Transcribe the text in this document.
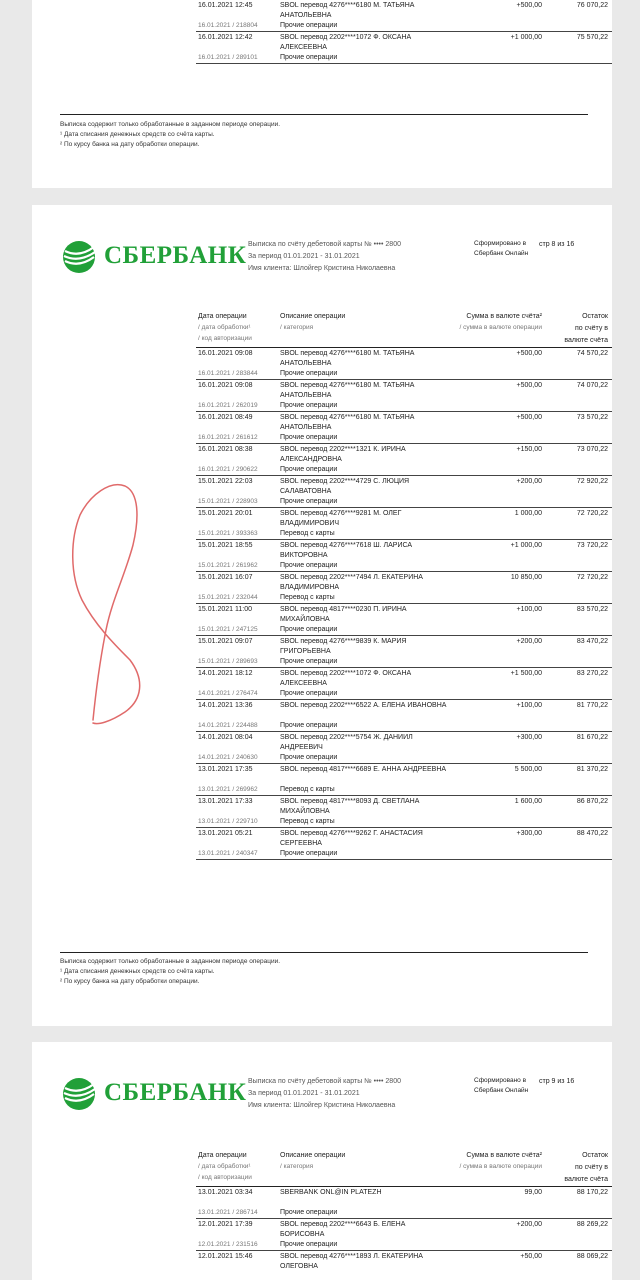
16.01.2021 12:45	SBOL перевод 4276****6180 М. ТАТЬЯНА	+500,00	76 070,22
АНАТОЛЬЕВНА
16.01.2021 / 218804	Прочие операции
16.01.2021 12:42	SBOL перевод 2202****1072 Ф. ОКСАНА	+1 000,00	75 570,22
АЛЕКСЕЕВНА
16.01.2021 / 289101	Прочие операции
Выписка содержит только обработанные в заданном периоде операции.
¹ Дата списания денежных средств со счёта карты.
² По курсу банка на дату обработки операции.
СБЕРБАНК Выписка по счёту дебетовой карты № •••• 2800
За период 01.01.2021 - 31.01.2021
Имя клиента: Шлойгер Кристина Николаевна
Сформировано в
Сбербанк Онлайн
стр 8 из 16
Дата операции
/ дата обработки¹
/ код авторизации
Описание операции
/ категория
Сумма в валюте счёта²
/ сумма в валюте операции
Остаток
по счёту в
валюте счёта
16.01.2021 09:08	SBOL перевод 4276****6180 М. ТАТЬЯНА	+500,00	74 570,22
АНАТОЛЬЕВНА
16.01.2021 / 283844	Прочие операции
16.01.2021 09:08	SBOL перевод 4276****6180 М. ТАТЬЯНА	+500,00	74 070,22
АНАТОЛЬЕВНА
16.01.2021 / 262019	Прочие операции
16.01.2021 08:49	SBOL перевод 4276****6180 М. ТАТЬЯНА	+500,00	73 570,22
АНАТОЛЬЕВНА
16.01.2021 / 261612	Прочие операции
16.01.2021 08:38	SBOL перевод 2202****1321 К. ИРИНА	+150,00	73 070,22
АЛЕКСАНДРОВНА
16.01.2021 / 290622	Прочие операции
15.01.2021 22:03	SBOL перевод 2202****4729 С. ЛЮЦИЯ	+200,00	72 920,22
САЛАВАТОВНА
15.01.2021 / 228903	Прочие операции
15.01.2021 20:01	SBOL перевод 4276****9281 М. ОЛЕГ	1 000,00	72 720,22
ВЛАДИМИРОВИЧ
15.01.2021 / 393363	Перевод с карты
15.01.2021 18:55	SBOL перевод 4276****7618 Ш. ЛАРИСА	+1 000,00	73 720,22
ВИКТОРОВНА
15.01.2021 / 261962	Прочие операции
15.01.2021 16:07	SBOL перевод 2202****7494 Л. ЕКАТЕРИНА	10 850,00	72 720,22
ВЛАДИМИРОВНА
15.01.2021 / 232044	Перевод с карты
15.01.2021 11:00	SBOL перевод 4817****0230 П. ИРИНА	+100,00	83 570,22
МИХАЙЛОВНА
15.01.2021 / 247125	Прочие операции
15.01.2021 09:07	SBOL перевод 4276****9839 К. МАРИЯ	+200,00	83 470,22
ГРИГОРЬЕВНА
15.01.2021 / 289693	Прочие операции
14.01.2021 18:12	SBOL перевод 2202****1072 Ф. ОКСАНА	+1 500,00	83 270,22
АЛЕКСЕЕВНА
14.01.2021 / 276474	Прочие операции
14.01.2021 13:36	SBOL перевод 2202****6522 А. ЕЛЕНА ИВАНОВНА	+100,00	81 770,22
14.01.2021 / 224488	Прочие операции
14.01.2021 08:04	SBOL перевод 2202****5754 Ж. ДАНИИЛ	+300,00	81 670,22
АНДРЕЕВИЧ
14.01.2021 / 240630	Прочие операции
13.01.2021 17:35	SBOL перевод 4817****6689 Е. АННА АНДРЕЕВНА	5 500,00	81 370,22
13.01.2021 / 269962	Перевод с карты
13.01.2021 17:33	SBOL перевод 4817****8093 Д. СВЕТЛАНА	1 600,00	86 870,22
МИХАЙЛОВНА
13.01.2021 / 229710	Перевод с карты
13.01.2021 05:21	SBOL перевод 4276****9262 Г. АНАСТАСИЯ	+300,00	88 470,22
СЕРГЕЕВНА
13.01.2021 / 240347	Прочие операции
Выписка содержит только обработанные в заданном периоде операции.
¹ Дата списания денежных средств со счёта карты.
² По курсу банка на дату обработки операции.
СБЕРБАНК Выписка по счёту дебетовой карты № •••• 2800
За период 01.01.2021 - 31.01.2021
Имя клиента: Шлойгер Кристина Николаевна
Сформировано в
Сбербанк Онлайн
стр 9 из 16
Дата операции
/ дата обработки¹
/ код авторизации
Описание операции
/ категория
Сумма в валюте счёта²
/ сумма в валюте операции
Остаток
по счёту в
валюте счёта
13.01.2021 03:34	SBERBANK ONL@IN PLATEZH	99,00	88 170,22
13.01.2021 / 286714	Прочие операции
12.01.2021 17:39	SBOL перевод 2202****6643 Б. ЕЛЕНА	+200,00	88 269,22
БОРИСОВНА
12.01.2021 / 231516	Прочие операции
12.01.2021 15:46	SBOL перевод 4276****1893 Л. ЕКАТЕРИНА	+50,00	88 069,22
ОЛЕГОВНА
